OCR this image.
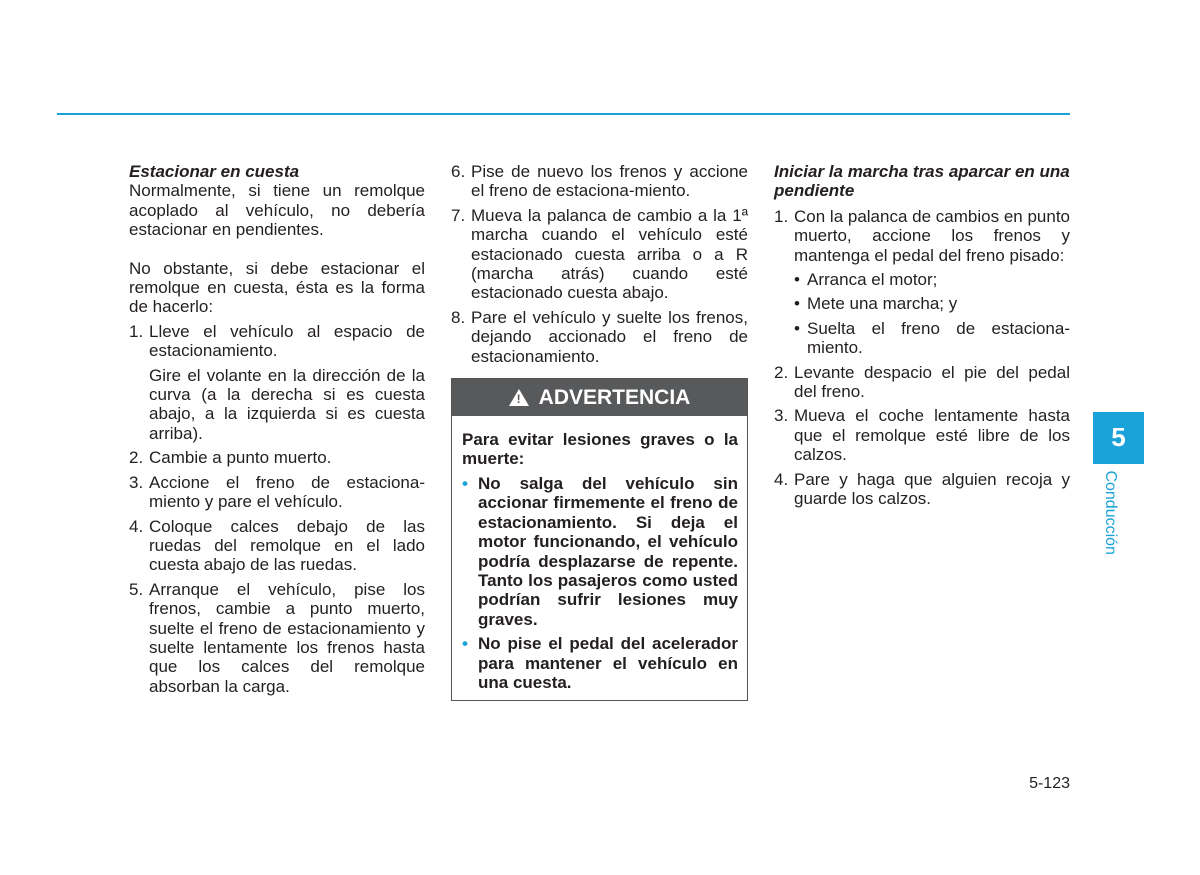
Estacionar en cuesta

Normalmente, si tiene un remolque acoplado al vehículo, no debería estacionar en pendientes.

No obstante, si debe estacionar el remolque en cuesta, ésta es la forma de hacerlo:

1. Lleve el vehículo al espacio de estacionamiento.
Gire el volante en la dirección de la curva (a la derecha si es cuesta abajo, a la izquierda si es cuesta arriba).
2. Cambie a punto muerto.
3. Accione el freno de estaciona-miento y pare el vehículo.
4. Coloque calces debajo de las ruedas del remolque en el lado cuesta abajo de las ruedas.
5. Arranque el vehículo, pise los frenos, cambie a punto muerto, suelte el freno de estacionamiento y suelte lentamente los frenos hasta que los calces del remolque absorban la carga.
6. Pise de nuevo los frenos y accione el freno de estaciona-miento.
7. Mueva la palanca de cambio a la 1ª marcha cuando el vehículo esté estacionado cuesta arriba o a R (marcha atrás) cuando esté estacionado cuesta abajo.
8. Pare el vehículo y suelte los frenos, dejando accionado el freno de estacionamiento.
! ADVERTENCIA
Para evitar lesiones graves o la muerte:
• No salga del vehículo sin accionar firmemente el freno de estacionamiento. Si deja el motor funcionando, el vehículo podría desplazarse de repente. Tanto los pasajeros como usted podrían sufrir lesiones muy graves.
• No pise el pedal del acelerador para mantener el vehículo en una cuesta.
Iniciar la marcha tras aparcar en una pendiente
1. Con la palanca de cambios en punto muerto, accione los frenos y mantenga el pedal del freno pisado:
• Arranca el motor;
• Mete una marcha; y
• Suelta el freno de estaciona-miento.
2. Levante despacio el pie del pedal del freno.
3. Mueva el coche lentamente hasta que el remolque esté libre de los calzos.
4. Pare y haga que alguien recoja y guarde los calzos.
5
Conducción
5-123
